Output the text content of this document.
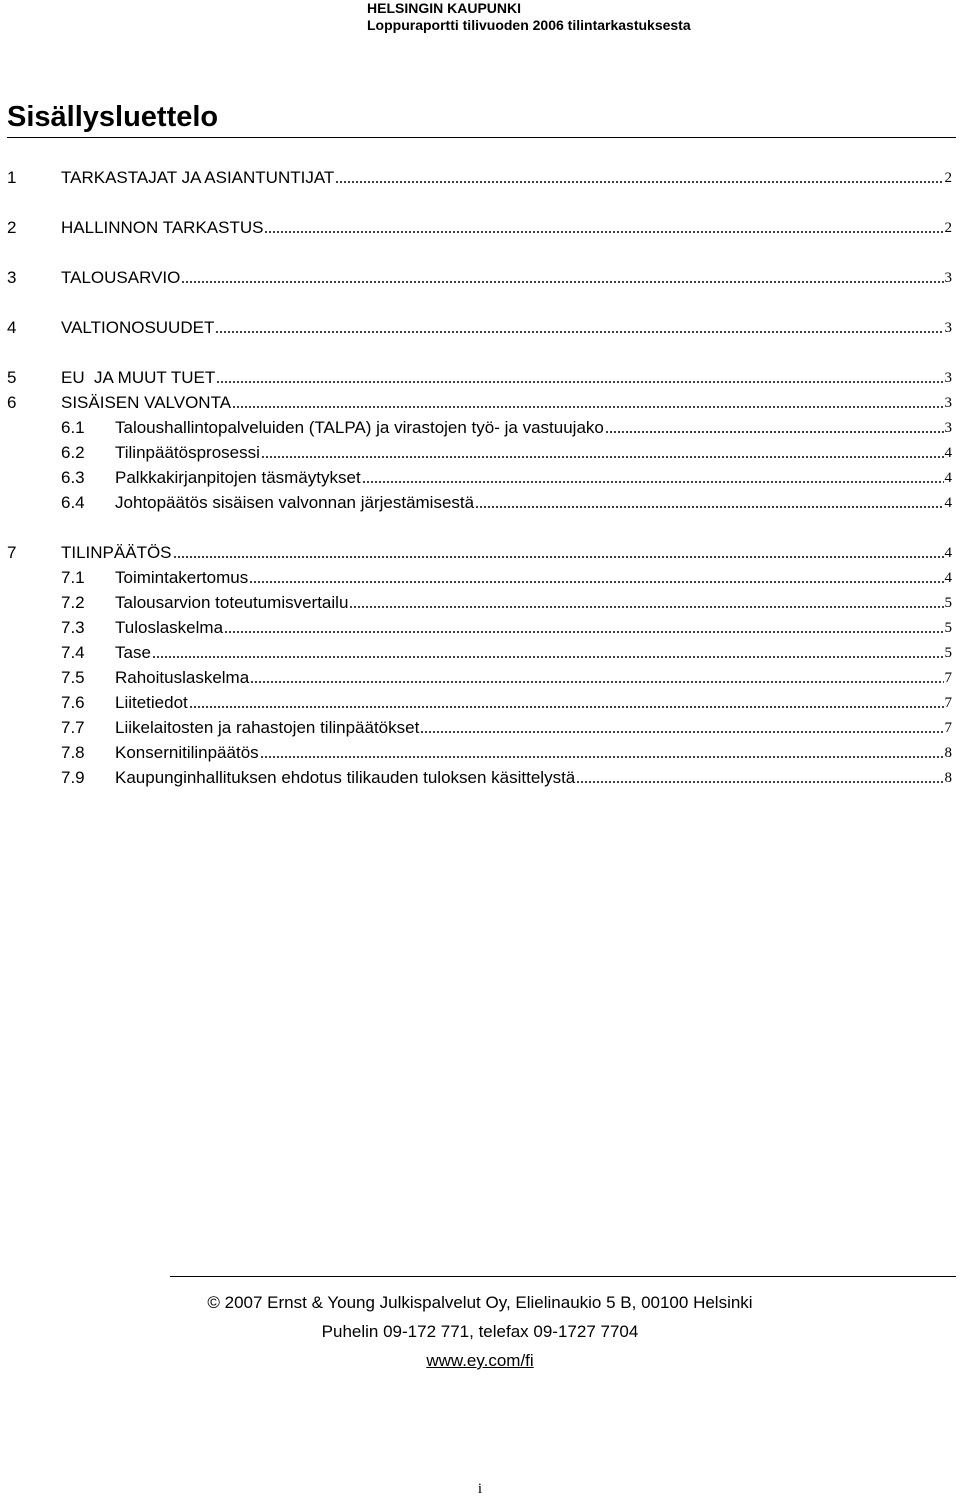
HELSINGIN KAUPUNKI
Loppuraportti tilivuoden 2006 tilintarkastuksesta
Sisällysluettelo
1	TARKASTAJAT JA ASIANTUNTIJAT	2
2	HALLINNON TARKASTUS	2
3	TALOUSARVIO	3
4	VALTIONOSUUDET	3
5	EU  JA MUUT TUET	3
6	SISÄISEN VALVONTA	3
6.1 Taloushallintopalveluiden (TALPA) ja virastojen työ- ja vastuujako	3
6.2 Tilinpäätösprosessi	4
6.3 Palkkakirjanpitojen täsmäytykset	4
6.4 Johtopäätös sisäisen valvonnan järjestämisestä	4
7	TILINPÄÄTÖS	4
7.1 Toimintakertomus	4
7.2 Talousarvion toteutumisvertailu	5
7.3 Tuloslaskelma	5
7.4 Tase	5
7.5 Rahoituslaskelma	7
7.6 Liitetiedot	7
7.7 Liikelaitosten ja rahastojen tilinpäätökset	7
7.8 Konsernitilinpäätös	8
7.9 Kaupunginhallituksen ehdotus tilikauden tuloksen käsittelystä	8
© 2007 Ernst & Young Julkispalvelut Oy, Elielinaukio 5 B, 00100 Helsinki
Puhelin 09-172 771, telefax 09-1727 7704
www.ey.com/fi
i
